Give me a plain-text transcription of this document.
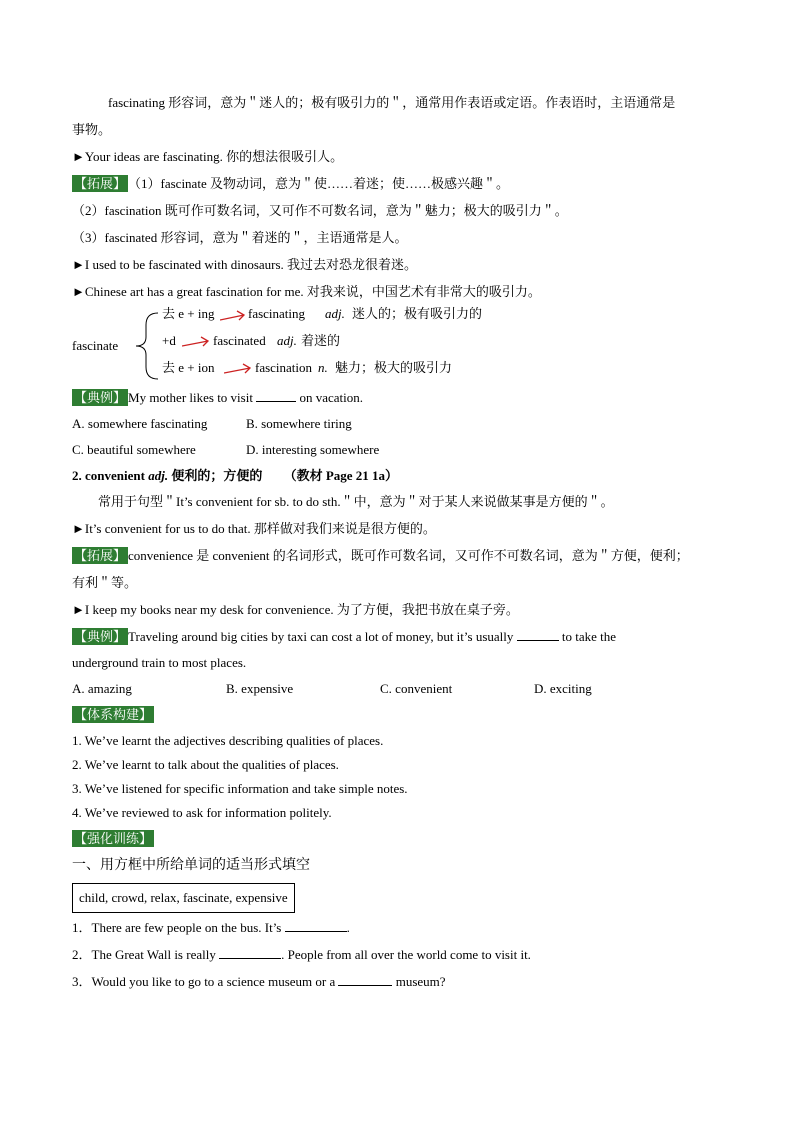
fascinating 形容词，意为＂迷人的；极有吸引力的＂，通常用作表语或定语。作表语时，主语通常是
事物。
►Your ideas are fascinating. 你的想法很吸引人。
【拓展】 （1）fascinate 及物动词，意为＂使……着迷；使……极感兴趣＂。
（2）fascination 既可作可数名词，又可作不可数名词，意为＂魅力；极大的吸引力＂。
（3）fascinated 形容词，意为＂着迷的＂，主语通常是人。
►I used to be fascinated with dinosaurs. 我过去对恐龙很着迷。
►Chinese art has a great fascination for me. 对我来说，中国艺术有非常大的吸引力。
fascinate
去 e + ing	fascinating adj. 迷人的；极有吸引力的
+d	fascinated adj. 着迷的
去 e + ion	fascination n. 魅力；极大的吸引力
【典例】 My mother likes to visit	on vacation.
A. somewhere fascinating	B. somewhere tiring
C. beautiful somewhere	D. interesting somewhere
2. convenient adj. 便利的；方便的 （教材 Page 21 1a）
常用于句型＂It’s convenient for sb. to do sth.＂中，意为＂对于某人来说做某事是方便的＂。
►It’s convenient for us to do that. 那样做对我们来说是很方便的。
【拓展】 convenience 是 convenient 的名词形式，既可作可数名词，又可作不可数名词，意为＂方便，便利；
有利＂等。
►I keep my books near my desk for convenience. 为了方便，我把书放在桌子旁。
【典例】 Traveling around big cities by taxi can cost a lot of money, but it’s usually	to take the
underground train to most places.
A. amazing	B. expensive	C. convenient	D. exciting
【体系构建】
1. We’ve learnt the adjectives describing qualities of places.
2. We’ve learnt to talk about the qualities of places.
3. We’ve listened for specific information and take simple notes.
4. We’ve reviewed to ask for information politely.
【强化训练】
一、用方框中所给单词的适当形式填空
child, crowd, relax, fascinate, expensive
1．There are few people on the bus. It’s	.
2．The Great Wall is really	. People from all over the world come to visit it.
3．Would you like to go to a science museum or a	museum?
